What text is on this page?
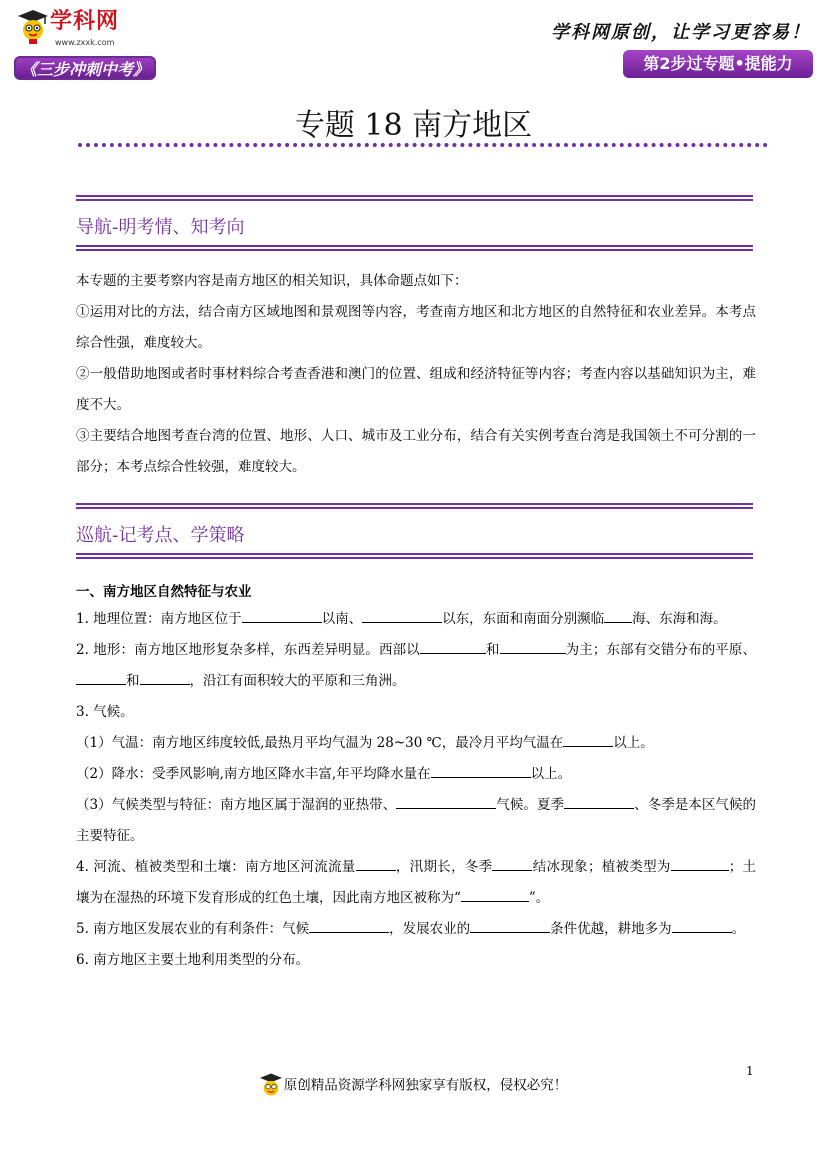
学科网
www.zxxk.com
《三步冲刺中考》
学科网原创，让学习更容易！
第2步过专题•提能力
专题 18 南方地区
导航-明考情、知考向

本专题的主要考察内容是南方地区的相关知识，具体命题点如下：

①运用对比的方法，结合南方区域地图和景观图等内容，考查南方地区和北方地区的自然特征和农业差异。本考点综合性强，难度较大。

②一般借助地图或者时事材料综合考查香港和澳门的位置、组成和经济特征等内容；考查内容以基础知识为主，难度不大。

③主要结合地图考查台湾的位置、地形、人口、城市及工业分布，结合有关实例考查台湾是我国领土不可分割的一部分；本考点综合性较强，难度较大。

巡航-记考点、学策略
一、南方地区自然特征与农业

1. 地理位置：南方地区位于	以南、	以东，东面和南面分别濒临 海、东海和海。

2. 地形：南方地区地形复杂多样，东西差异明显。西部以	和	为主；东部有交错分布的平原、和	，沿江有面积较大的平原和三角洲。

3. 气候。

（1）气温：南方地区纬度较低,最热月平均气温为 28~30 ℃，最冷月平均气温在	以上。

（2）降水：受季风影响,南方地区降水丰富,年平均降水量在	以上。

（3）气候类型与特征：南方地区属于湿润的亚热带、	气候。夏季	、冬季是本区气候的主要特征。

4. 河流、植被类型和土壤：南方地区河流流量	，汛期长，冬季	结冰现象；植被类型为	；土壤为在湿热的环境下发育形成的红色土壤，因此南方地区被称为“	”。

5. 南方地区发展农业的有利条件：气候	，发展农业的	条件优越，耕地多为	。

6. 南方地区主要土地利用类型的分布。

1
原创精品资源学科网独家享有版权，侵权必究！
